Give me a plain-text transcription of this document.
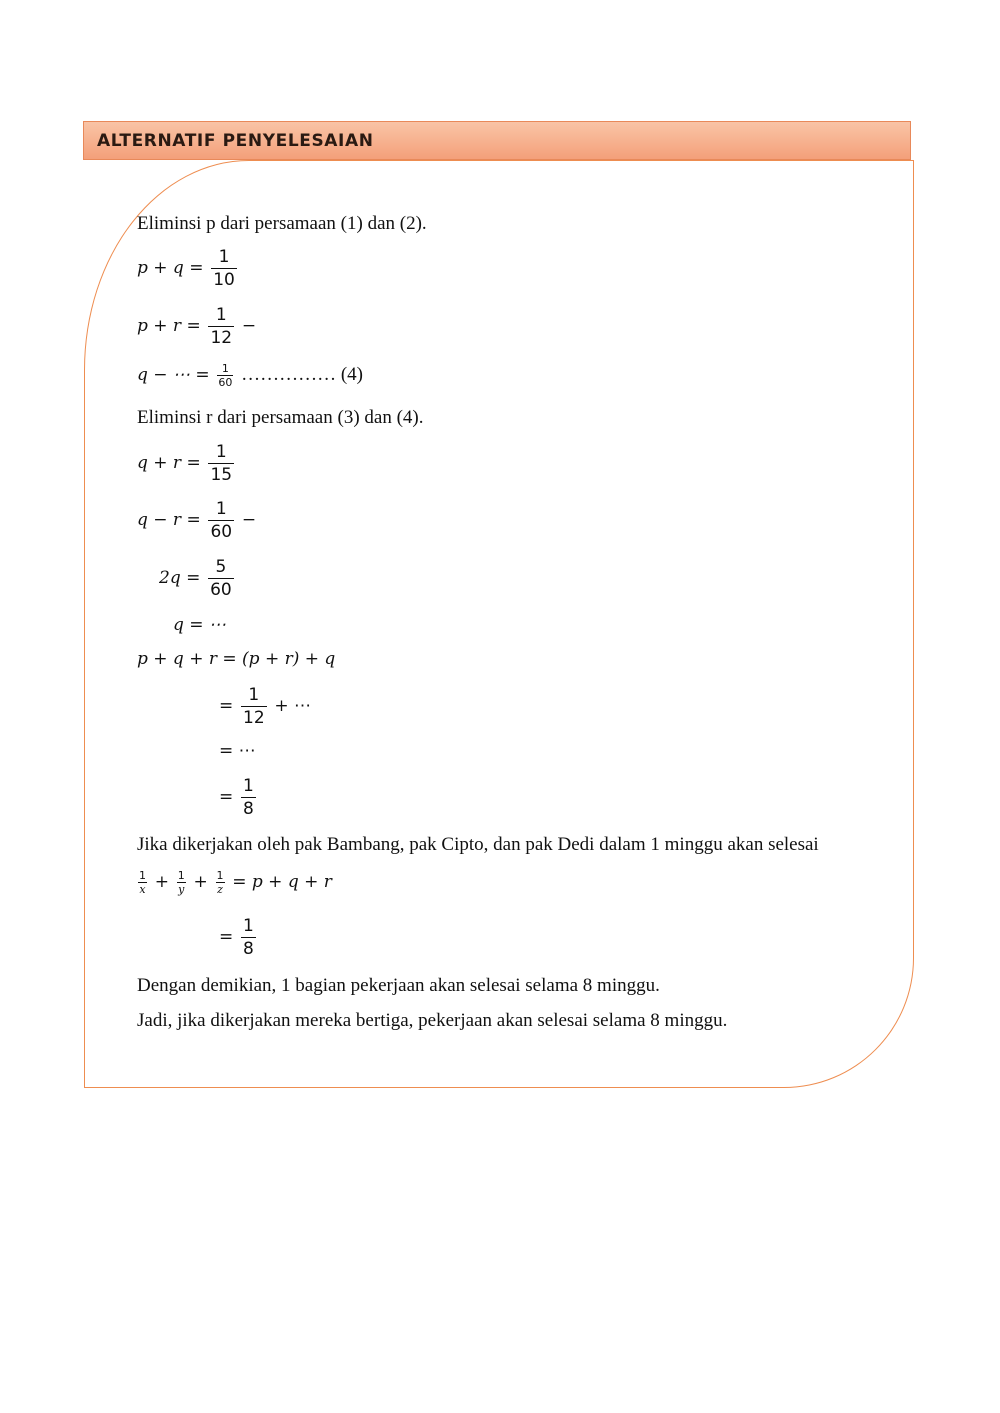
ALTERNATIF PENYELESAIAN
Eliminsi p dari persamaan (1) dan (2).
$p + q = \frac{1}{10}$
$p + r = \frac{1}{12}$ −
q − ⋯ = $\frac{1}{60}$ …………… (4)
Eliminsi r dari persamaan (3) dan (4).
$q + r = \frac{1}{15}$
$q - r = \frac{1}{60}$ −
$2q = \frac{5}{60}$
q = ⋯
p + q + r = (p + r) + q
= $\frac{1}{12}$ + ⋯
= ⋯
= $\frac{1}{8}$
Jika dikerjakan oleh pak Bambang, pak Cipto, dan pak Dedi dalam 1 minggu akan selesai
$\frac{1}{x} + \frac{1}{y} + \frac{1}{z} = p + q + r$
= $\frac{1}{8}$
Dengan demikian, 1 bagian pekerjaan akan selesai selama 8 minggu.
Jadi, jika dikerjakan mereka bertiga, pekerjaan akan selesai selama 8 minggu.
